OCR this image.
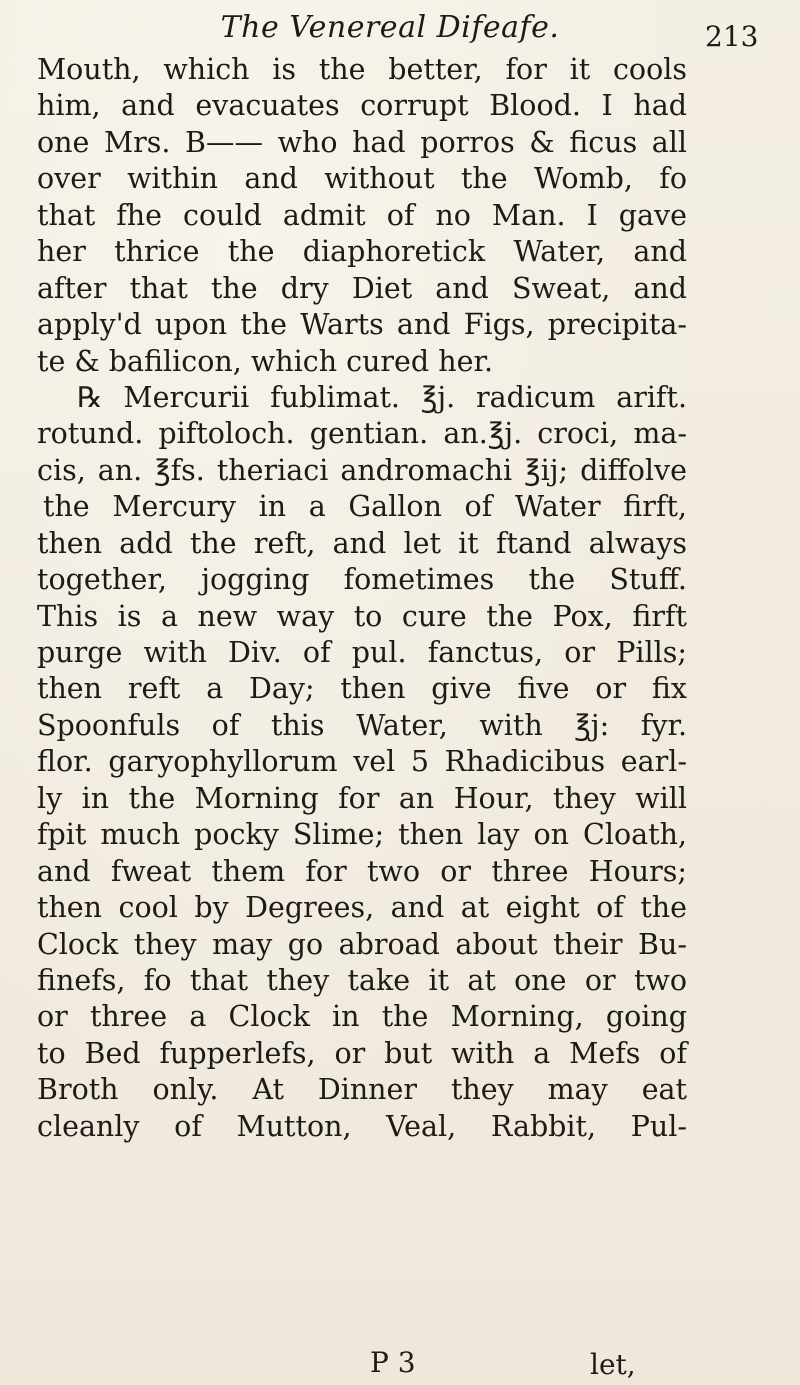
The Venereal Difeafe.	213
Mouth, which is the better, for it cools
him, and evacuates corrupt Blood. I had
one Mrs. B—— who had porros & ficus all
over within and without the Womb, fo
that fhe could admit of no Man. I gave
her thrice the diaphoretick Water, and
after that the dry Diet and Sweat, and
apply'd upon the Warts and Figs, precipita-
te & bafilicon, which cured her.
℞ Mercurii fublimat. ℥j. radicum arift.
rotund. piftoloch. gentian. an.℥j. croci, ma-
cis, an. ℥fs. theriaci andromachi ℥ij; diffolve
the Mercury in a Gallon of Water firft,
then add the reft, and let it ftand always
together, jogging fometimes the Stuff.
This is a new way to cure the Pox, firft
purge with Div. of pul. fanctus, or Pills;
then reft a Day; then give five or fix
Spoonfuls of this Water, with ℥j: fyr.
flor. garyophyllorum vel 5 Rhadicibus earl-
ly in the Morning for an Hour, they will
fpit much pocky Slime; then lay on Cloath,
and fweat them for two or three Hours;
then cool by Degrees, and at eight of the
Clock they may go abroad about their Bu-
finefs, fo that they take it at one or two
or three a Clock in the Morning, going
to Bed fupperlefs, or but with a Mefs of
Broth only. At Dinner they may eat
cleanly of Mutton, Veal, Rabbit, Pul-
P 3	let,
